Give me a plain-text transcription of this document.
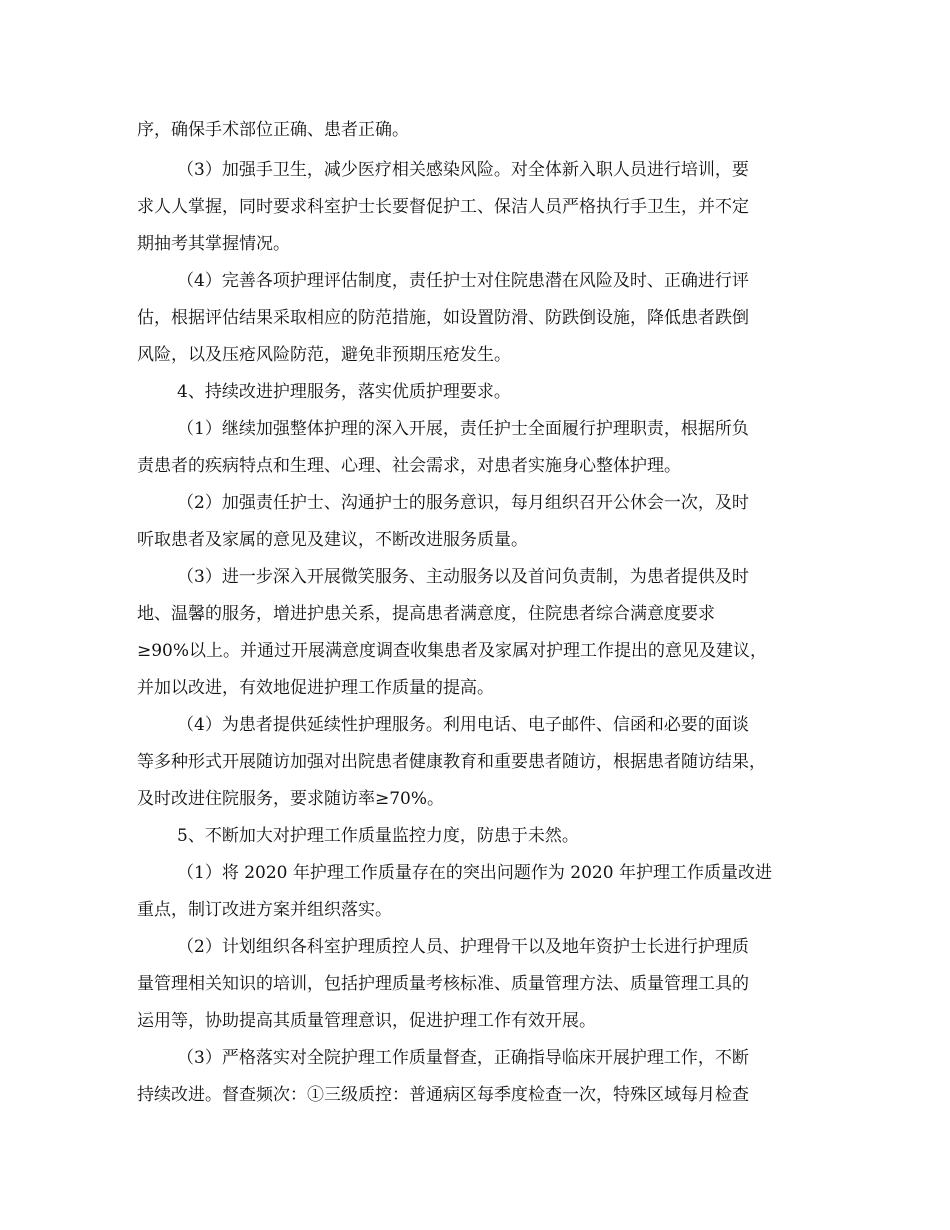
序，确保手术部位正确、患者正确。
（3）加强手卫生，减少医疗相关感染风险。对全体新入职人员进行培训，要
求人人掌握，同时要求科室护士长要督促护工、保洁人员严格执行手卫生，并不定
期抽考其掌握情况。
（4）完善各项护理评估制度，责任护士对住院患潜在风险及时、正确进行评
估，根据评估结果采取相应的防范措施，如设置防滑、防跌倒设施，降低患者跌倒
风险，以及压疮风险防范，避免非预期压疮发生。
4、持续改进护理服务，落实优质护理要求。
（1）继续加强整体护理的深入开展，责任护士全面履行护理职责，根据所负
责患者的疾病特点和生理、心理、社会需求，对患者实施身心整体护理。
（2）加强责任护士、沟通护士的服务意识，每月组织召开公休会一次，及时
听取患者及家属的意见及建议，不断改进服务质量。
（3）进一步深入开展微笑服务、主动服务以及首问负责制，为患者提供及时
地、温馨的服务，增进护患关系，提高患者满意度，住院患者综合满意度要求
≥90%以上。并通过开展满意度调查收集患者及家属对护理工作提出的意见及建议，
并加以改进，有效地促进护理工作质量的提高。
（4）为患者提供延续性护理服务。利用电话、电子邮件、信函和必要的面谈
等多种形式开展随访加强对出院患者健康教育和重要患者随访，根据患者随访结果，
及时改进住院服务，要求随访率≥70%。
5、不断加大对护理工作质量监控力度，防患于未然。
（1）将 2020 年护理工作质量存在的突出问题作为 2020 年护理工作质量改进
重点，制订改进方案并组织落实。
（2）计划组织各科室护理质控人员、护理骨干以及地年资护士长进行护理质
量管理相关知识的培训，包括护理质量考核标准、质量管理方法、质量管理工具的
运用等，协助提高其质量管理意识，促进护理工作有效开展。
（3）严格落实对全院护理工作质量督查，正确指导临床开展护理工作，不断
持续改进。督查频次：①三级质控：普通病区每季度检查一次，特殊区域每月检查
